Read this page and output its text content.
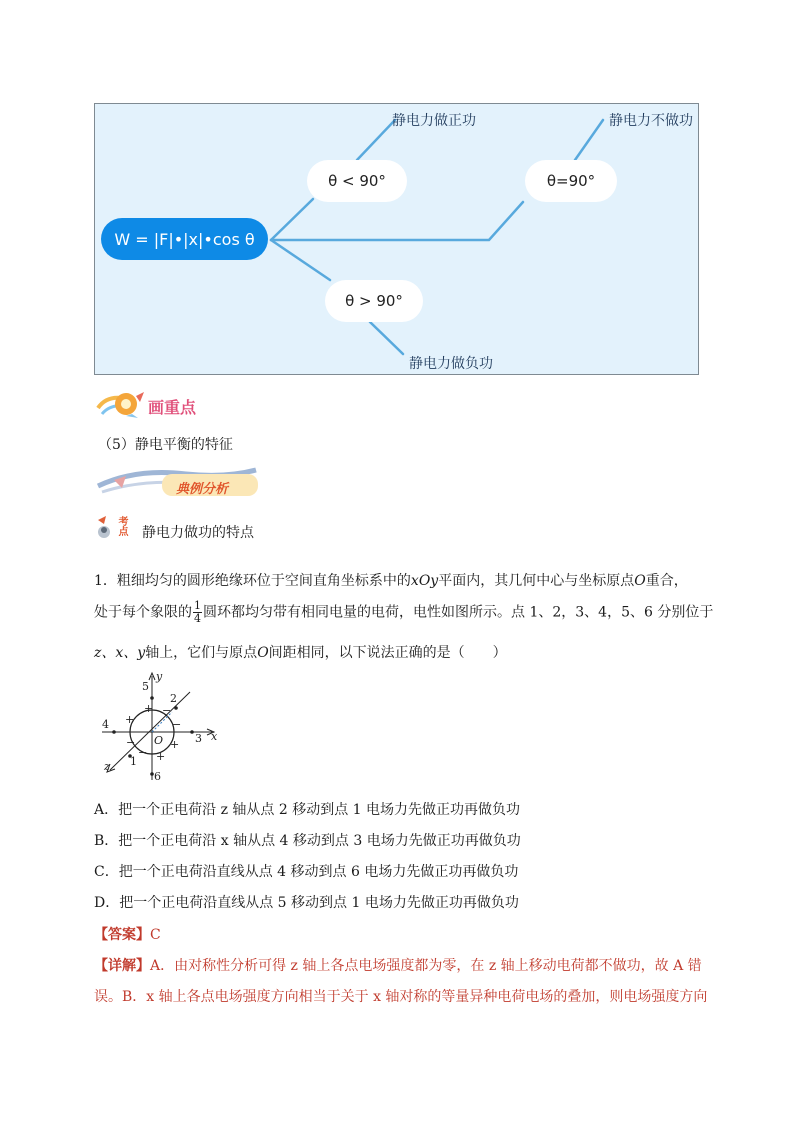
W = |F|•|x|•cos θ
θ < 90°	θ=90°
θ > 90°
静电力做正功	静电力不做功
静电力做负功
画重点
（5）静电平衡的特征
典例分析
考点 静电力做功的特点
1．粗细均匀的圆形绝缘环位于空间直角坐标系中的xOy平面内，其几何中心与坐标原点O重合，
处于每个象限的 $\frac{1}{4}$ 圆环都均匀带有相同电量的电荷，电性如图所示。点 1、2，3、4，5、6 分别位于
z、x、y轴上，它们与原点O间距相同，以下说法正确的是（　　）
y
x
z
O
1
2
3
4
5
6
+
−	+
−
+
− +
−
A．把一个正电荷沿 z 轴从点 2 移动到点 1 电场力先做正功再做负功
B．把一个正电荷沿 x 轴从点 4 移动到点 3 电场力先做正功再做负功
C．把一个正电荷沿直线从点 4 移动到点 6 电场力先做正功再做负功
D．把一个正电荷沿直线从点 5 移动到点 1 电场力先做正功再做负功
【答案】C
【详解】A．由对称性分析可得 z 轴上各点电场强度都为零，在 z 轴上移动电荷都不做功，故 A 错
误。B．x 轴上各点电场强度方向相当于关于 x 轴对称的等量异种电荷电场的叠加，则电场强度方向
